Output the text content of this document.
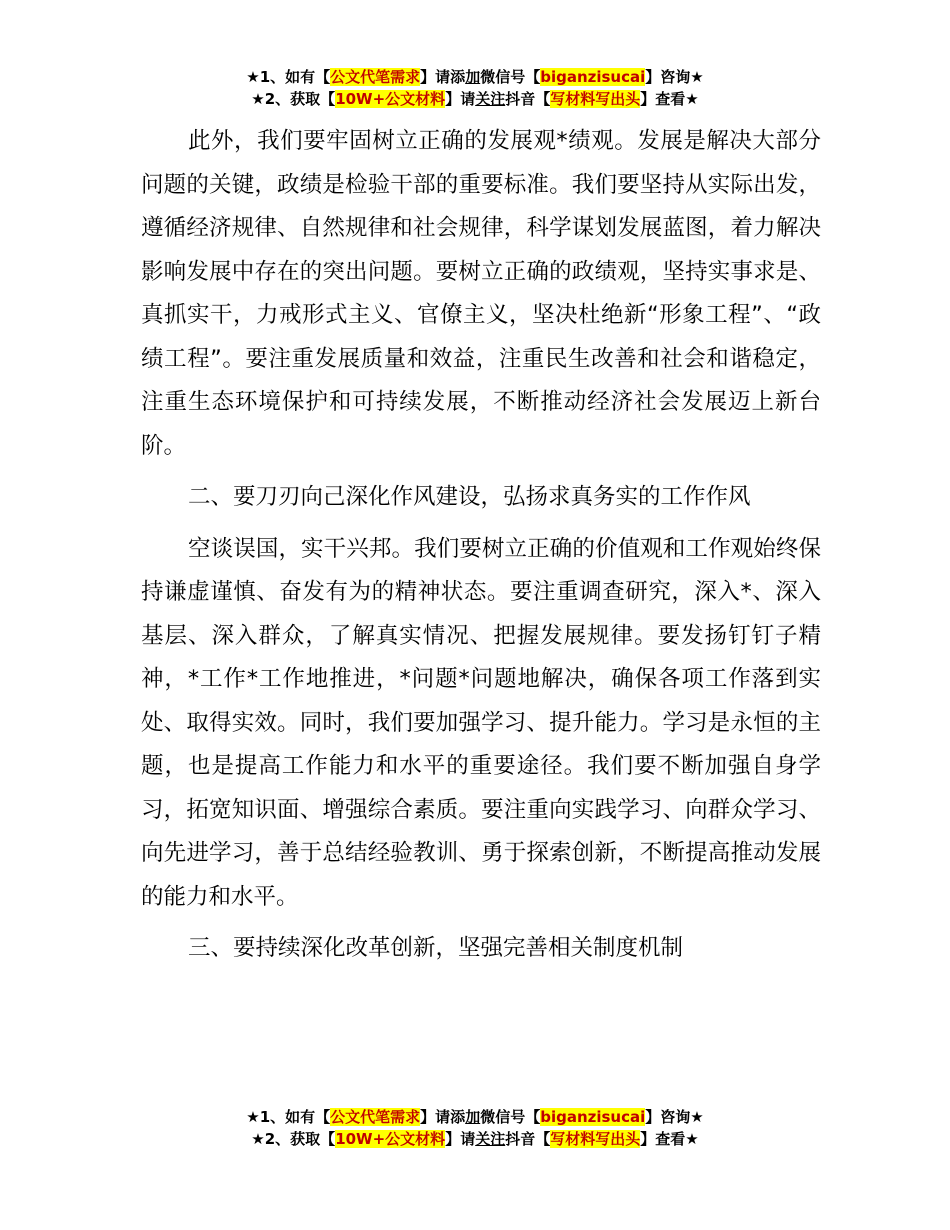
★1、如有【公文代笔需求】请添加微信号【biganzisucai】咨询★
★2、获取【10W+公文材料】请关注抖音【写材料写出头】查看★

此外，我们要牢固树立正确的发展观*绩观。发展是解决大部分问题的关键，政绩是检验干部的重要标准。我们要坚持从实际出发，遵循经济规律、自然规律和社会规律，科学谋划发展蓝图，着力解决影响发展中存在的突出问题。要树立正确的政绩观，坚持实事求是、真抓实干，力戒形式主义、官僚主义，坚决杜绝新“形象工程”、“政绩工程”。要注重发展质量和效益，注重民生改善和社会和谐稳定，注重生态环境保护和可持续发展，不断推动经济社会发展迈上新台阶。

二、要刀刃向己深化作风建设，弘扬求真务实的工作作风

空谈误国，实干兴邦。我们要树立正确的价值观和工作观始终保持谦虚谨慎、奋发有为的精神状态。要注重调查研究，深入*、深入基层、深入群众，了解真实情况、把握发展规律。要发扬钉钉子精神，*工作*工作地推进，*问题*问题地解决，确保各项工作落到实处、取得实效。同时，我们要加强学习、提升能力。学习是永恒的主题，也是提高工作能力和水平的重要途径。我们要不断加强自身学习，拓宽知识面、增强综合素质。要注重向实践学习、向群众学习、向先进学习，善于总结经验教训、勇于探索创新，不断提高推动发展的能力和水平。

三、要持续深化改革创新，坚强完善相关制度机制

★1、如有【公文代笔需求】请添加微信号【biganzisucai】咨询★
★2、获取【10W+公文材料】请关注抖音【写材料写出头】查看★
